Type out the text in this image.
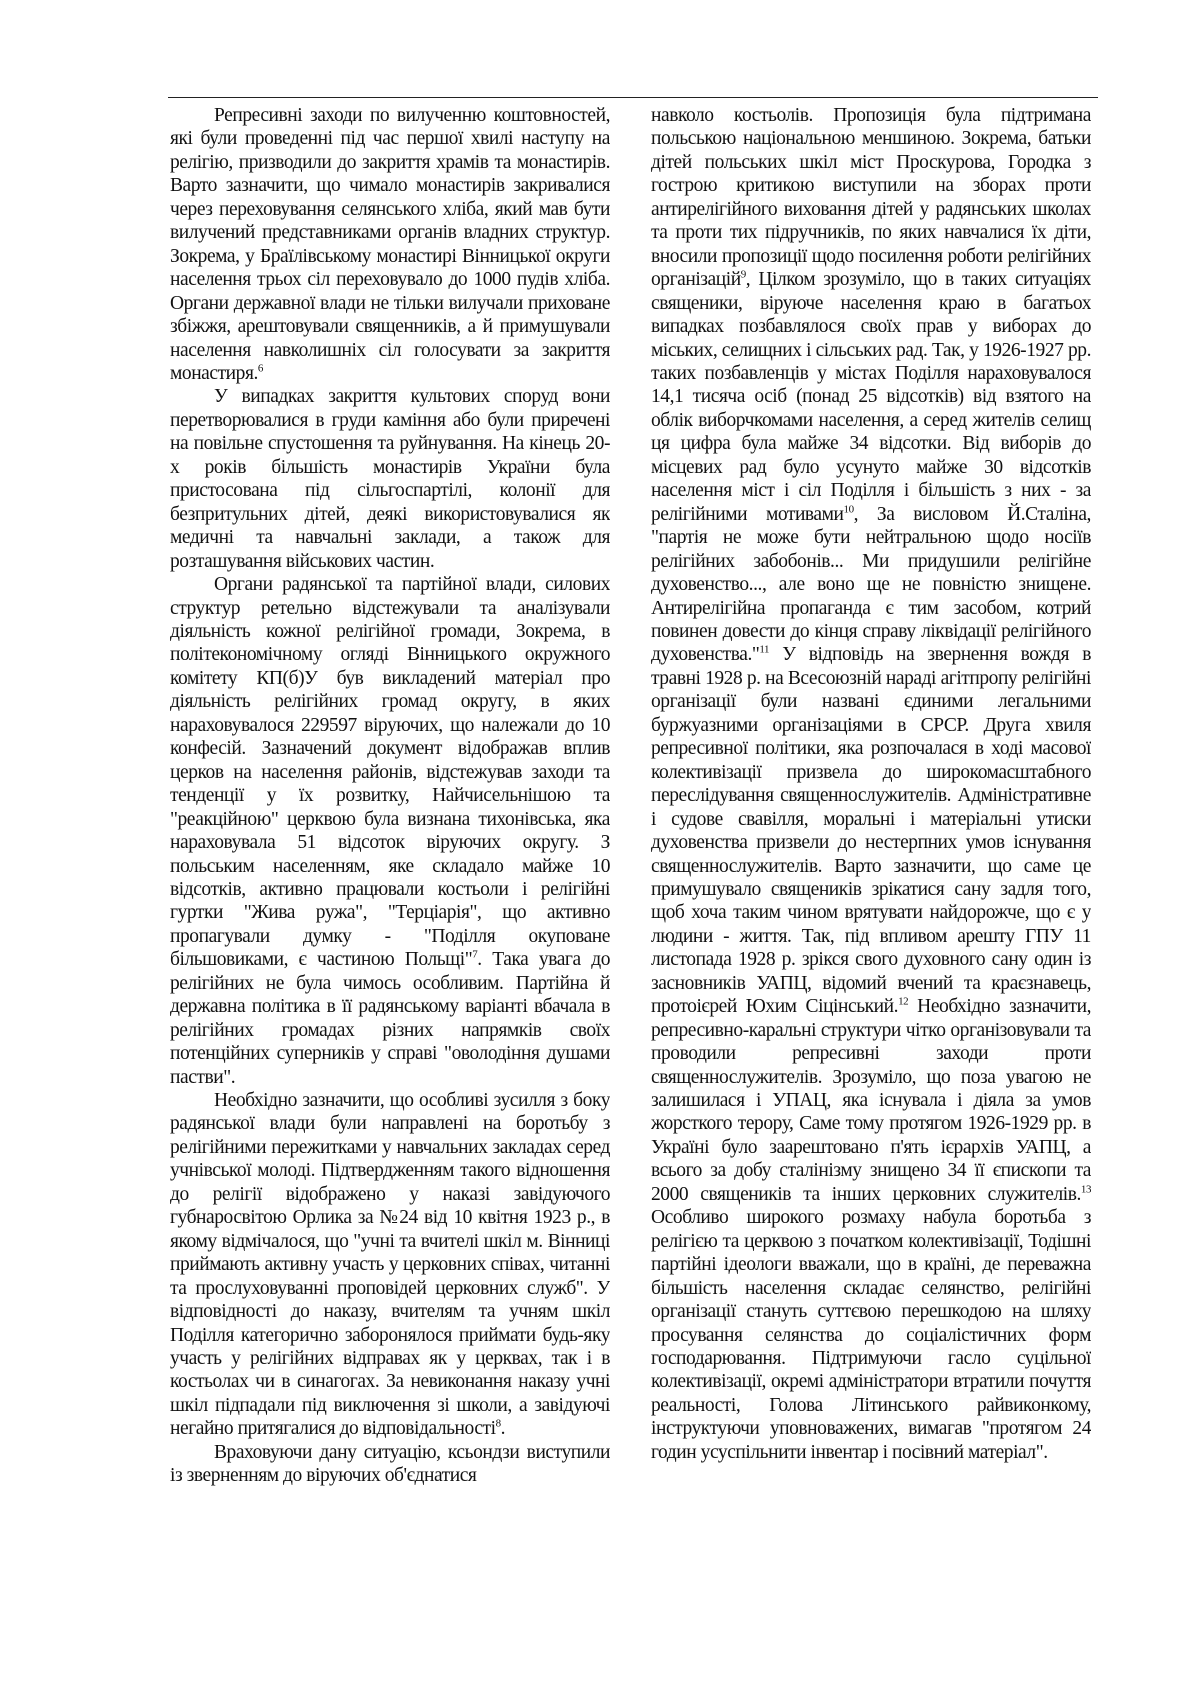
Репресивні заходи по вилученню коштовностей, які були проведенні під час першої хвилі наступу на релігію, призводили до закриття храмів та монастирів. Варто зазначити, що чимало монастирів закривалися через переховування селянського хліба, який мав бути вилучений представниками органів владних структур. Зокрема, у Браїлівському монастирі Вінницької округи населення трьох сіл переховувало до 1000 пудів хліба. Органи державної влади не тільки вилучали приховане збіжжя, арештовували священників, а й примушували населення навколишніх сіл голосувати за закриття монастиря.$^6$

У випадках закриття культових споруд вони перетворювалися в груди каміння або були приречені на повільне спустошення та руйнування. На кінець 20-х років більшість монастирів України була пристосована під сільгоспартілі, колонії для безпритульних дітей, деякі використовувалися як медичні та навчальні заклади, а також для розташування військових частин.

Органи радянської та партійної влади, силових структур ретельно відстежували та аналізували діяльність кожної релігійної громади, Зокрема, в політекономічному огляді Вінницького окружного комітету КП(б)У був викладений матеріал про діяльність релігійних громад округу, в яких нараховувалося 229597 віруючих, що належали до 10 конфесій. Зазначений документ відображав вплив церков на населення районів, відстежував заходи та тенденції у їх розвитку, Найчисельнішою та "реакційною" церквою була визнана тихонівська, яка нараховувала 51 відсоток віруючих округу. З польським населенням, яке складало майже 10 відсотків, активно працювали костьоли і релігійні гуртки "Жива ружа", "Терціарія", що активно пропагували думку - "Поділля окуповане більшовиками, є частиною Польщі"$^7$. Така увага до релігійних не була чимось особливим. Партійна й державна політика в її радянському варіанті вбачала в релігійних громадах різних напрямків своїх потенційних суперників у справі "оволодіння душами пастви".

Необхідно зазначити, що особливі зусилля з боку радянської влади були направлені на боротьбу з релігійними пережитками у навчальних закладах серед учнівської молоді. Підтвердженням такого відношення до релігії відображено у наказі завідуючого губнаросвітою Орлика за №24 від 10 квітня 1923 р., в якому відмічалося, що "учні та вчителі шкіл м. Вінниці приймають активну участь у церковних співах, читанні та прослуховуванні проповідей церковних служб". У відповідності до наказу, вчителям та учням шкіл Поділля категорично заборонялося приймати будь-яку участь у релігійних відправах як у церквах, так і в костьолах чи в синагогах. За невиконання наказу учні шкіл підпадали під виключення зі школи, а завідуючі негайно притягалися до відповідальності$^8$.

Враховуючи дану ситуацію, ксьондзи виступили із зверненням до віруючих об'єднатися

навколо костьолів. Пропозиція була підтримана польською національною меншиною. Зокрема, батьки дітей польських шкіл міст Проскурова, Городка з гострою критикою виступили на зборах проти антирелігійного виховання дітей у радянських школах та проти тих підручників, по яких навчалися їх діти, вносили пропозиції щодо посилення роботи релігійних організацій$^9$, Цілком зрозуміло, що в таких ситуаціях священики, віруюче населення краю в багатьох випадках позбавлялося своїх прав у виборах до міських, селищних і сільських рад. Так, у 1926-1927 рр. таких позбавленців у містах Поділля нараховувалося 14,1 тисяча осіб (понад 25 відсотків) від взятого на облік виборчкомами населення, а серед жителів селищ ця цифра була майже 34 відсотки. Від виборів до місцевих рад було усунуто майже 30 відсотків населення міст і сіл Поділля і більшість з них - за релігійними мотивами$^{10}$, За висловом Й.Сталіна, "партія не може бути нейтральною щодо носіїв релігійних забобонів... Ми придушили релігійне духовенство..., але воно ще не повністю знищене. Антирелігійна пропаганда є тим засобом, котрий повинен довести до кінця справу ліквідації релігійного духовенства."$^{11}$ У відповідь на звернення вождя в травні 1928 р. на Всесоюзній нараді агітпропу релігійні організації були названі єдиними легальними буржуазними організаціями в СРСР. Друга хвиля репресивної політики, яка розпочалася в ході масової колективізації призвела до широкомасштабного переслідування священнослужителів. Адміністративне і судове свавілля, моральні і матеріальні утиски духовенства призвели до нестерпних умов існування священнослужителів. Варто зазначити, що саме це примушувало священиків зрікатися сану задля того, щоб хоча таким чином врятувати найдорожче, що є у людини - життя. Так, під впливом арешту ГПУ 11 листопада 1928 р. зрікся свого духовного сану один із засновників УАПЦ, відомий вчений та краєзнавець, протоієрей Юхим Сіцінський.$^{12}$ Необхідно зазначити, репресивно-каральні структури чітко організовували та проводили репресивні заходи проти священнослужителів. Зрозуміло, що поза увагою не залишилася і УПАЦ, яка існувала і діяла за умов жорсткого терору, Саме тому протягом 1926-1929 рр. в Україні було заарештовано п'ять ієрархів УАПЦ, а всього за добу сталінізму знищено 34 її єпископи та 2000 священиків та інших церковних служителів.$^{13}$ Особливо широкого розмаху набула боротьба з релігією та церквою з початком колективізації, Тодішні партійні ідеологи вважали, що в країні, де переважна більшість населення складає селянство, релігійні організації стануть суттєвою перешкодою на шляху просування селянства до соціалістичних форм господарювання. Підтримуючи гасло суцільної колективізації, окремі адміністратори втратили почуття реальності, Голова Літинського райвиконкому, інструктуючи уповноважених, вимагав "протягом 24 годин усуспільнити інвентар і посівний матеріал".
